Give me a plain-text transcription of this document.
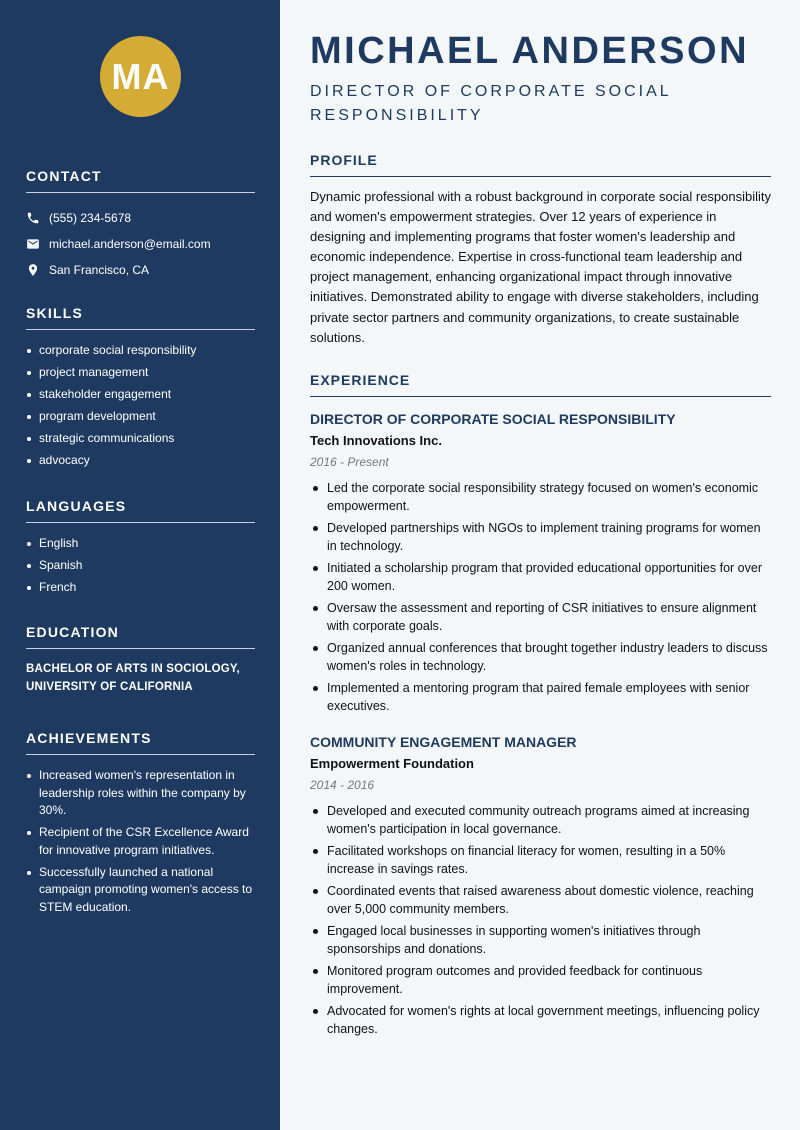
MA
CONTACT
(555) 234-5678
michael.anderson@email.com
San Francisco, CA
SKILLS
corporate social responsibility
project management
stakeholder engagement
program development
strategic communications
advocacy
LANGUAGES
English
Spanish
French
EDUCATION
BACHELOR OF ARTS IN SOCIOLOGY, UNIVERSITY OF CALIFORNIA
ACHIEVEMENTS
Increased women's representation in leadership roles within the company by 30%.
Recipient of the CSR Excellence Award for innovative program initiatives.
Successfully launched a national campaign promoting women's access to STEM education.
MICHAEL ANDERSON
DIRECTOR OF CORPORATE SOCIAL RESPONSIBILITY
PROFILE

Dynamic professional with a robust background in corporate social responsibility and women's empowerment strategies. Over 12 years of experience in designing and implementing programs that foster women's leadership and economic independence. Expertise in cross-functional team leadership and project management, enhancing organizational impact through innovative initiatives. Demonstrated ability to engage with diverse stakeholders, including private sector partners and community organizations, to create sustainable solutions.

EXPERIENCE
DIRECTOR OF CORPORATE SOCIAL RESPONSIBILITY
Tech Innovations Inc.
2016 - Present
Led the corporate social responsibility strategy focused on women's economic empowerment.
Developed partnerships with NGOs to implement training programs for women in technology.
Initiated a scholarship program that provided educational opportunities for over 200 women.
Oversaw the assessment and reporting of CSR initiatives to ensure alignment with corporate goals.
Organized annual conferences that brought together industry leaders to discuss women's roles in technology.
Implemented a mentoring program that paired female employees with senior executives.
COMMUNITY ENGAGEMENT MANAGER
Empowerment Foundation
2014 - 2016
Developed and executed community outreach programs aimed at increasing women's participation in local governance.
Facilitated workshops on financial literacy for women, resulting in a 50% increase in savings rates.
Coordinated events that raised awareness about domestic violence, reaching over 5,000 community members.
Engaged local businesses in supporting women's initiatives through sponsorships and donations.
Monitored program outcomes and provided feedback for continuous improvement.
Advocated for women's rights at local government meetings, influencing policy changes.
